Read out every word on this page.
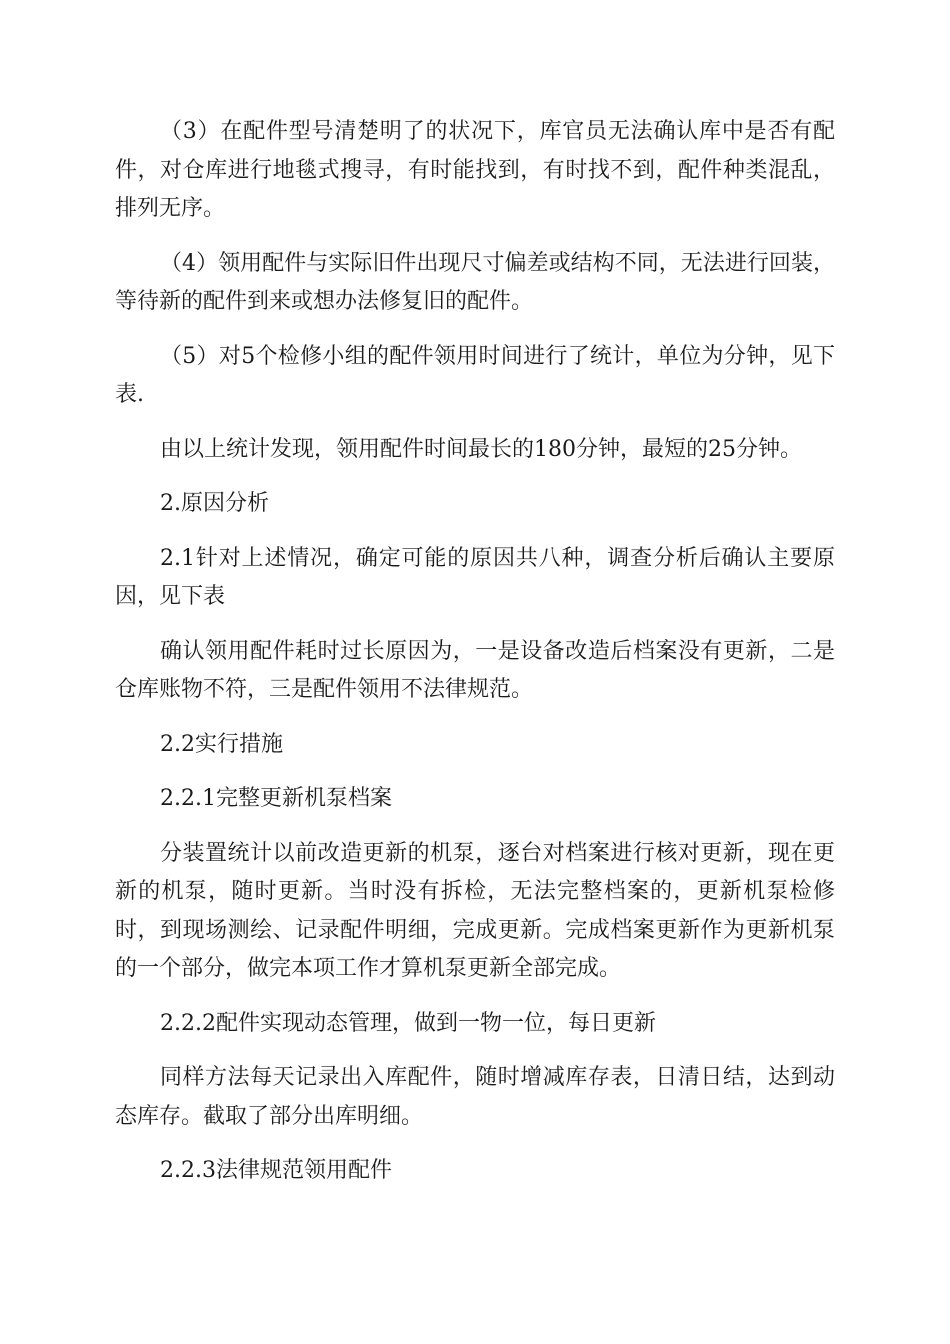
（3）在配件型号清楚明了的状况下，库官员无法确认库中是否有配件，对仓库进行地毯式搜寻，有时能找到，有时找不到，配件种类混乱，排列无序。

（4）领用配件与实际旧件出现尺寸偏差或结构不同，无法进行回装，等待新的配件到来或想办法修复旧的配件。

（5）对5个检修小组的配件领用时间进行了统计，单位为分钟，见下表.

由以上统计发现，领用配件时间最长的180分钟，最短的25分钟。

2.原因分析

2.1针对上述情况，确定可能的原因共八种，调查分析后确认主要原因，见下表

确认领用配件耗时过长原因为，一是设备改造后档案没有更新，二是仓库账物不符，三是配件领用不法律规范。

2.2实行措施

2.2.1完整更新机泵档案

分装置统计以前改造更新的机泵，逐台对档案进行核对更新，现在更新的机泵，随时更新。当时没有拆检，无法完整档案的，更新机泵检修时，到现场测绘、记录配件明细，完成更新。完成档案更新作为更新机泵的一个部分，做完本项工作才算机泵更新全部完成。

2.2.2配件实现动态管理，做到一物一位，每日更新

同样方法每天记录出入库配件，随时增减库存表，日清日结，达到动态库存。截取了部分出库明细。

2.2.3法律规范领用配件
